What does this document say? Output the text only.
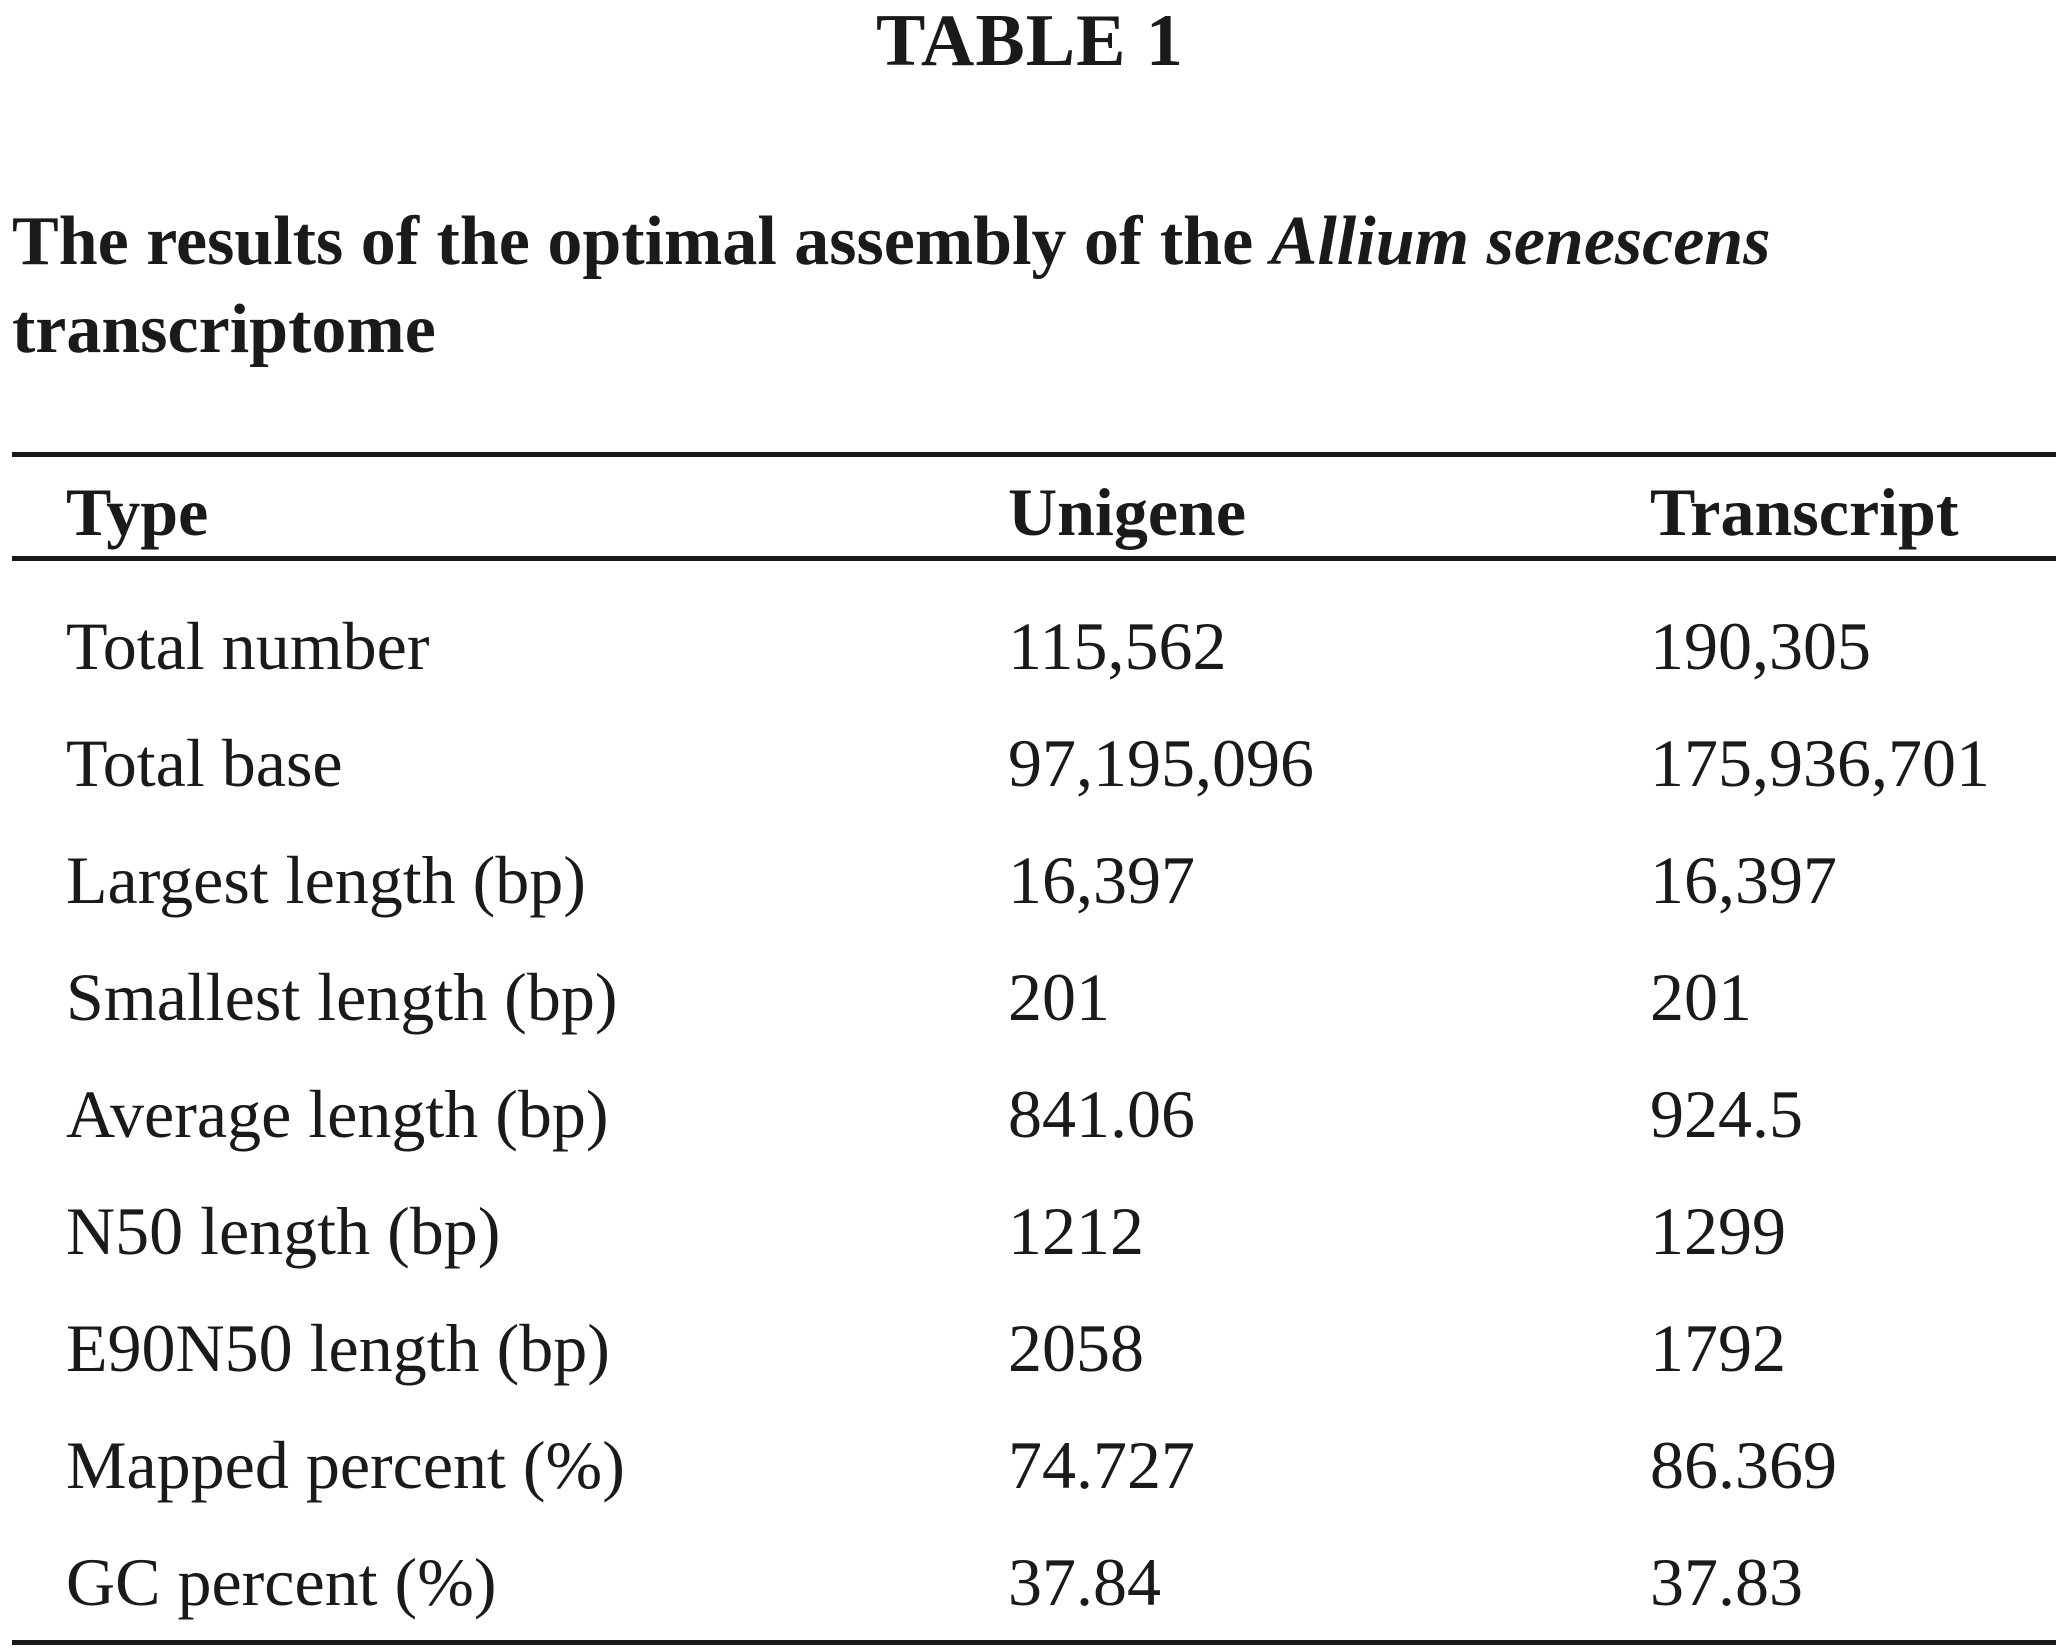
TABLE 1
The results of the optimal assembly of the Allium senescens transcriptome
Type	Unigene	Transcript
Total number	115,562	190,305
Total base	97,195,096	175,936,701
Largest length (bp)	16,397	16,397
Smallest length (bp)	201	201
Average length (bp)	841.06	924.5
N50 length (bp)	1212	1299
E90N50 length (bp)	2058	1792
Mapped percent (%)	74.727	86.369
GC percent (%)	37.84	37.83
